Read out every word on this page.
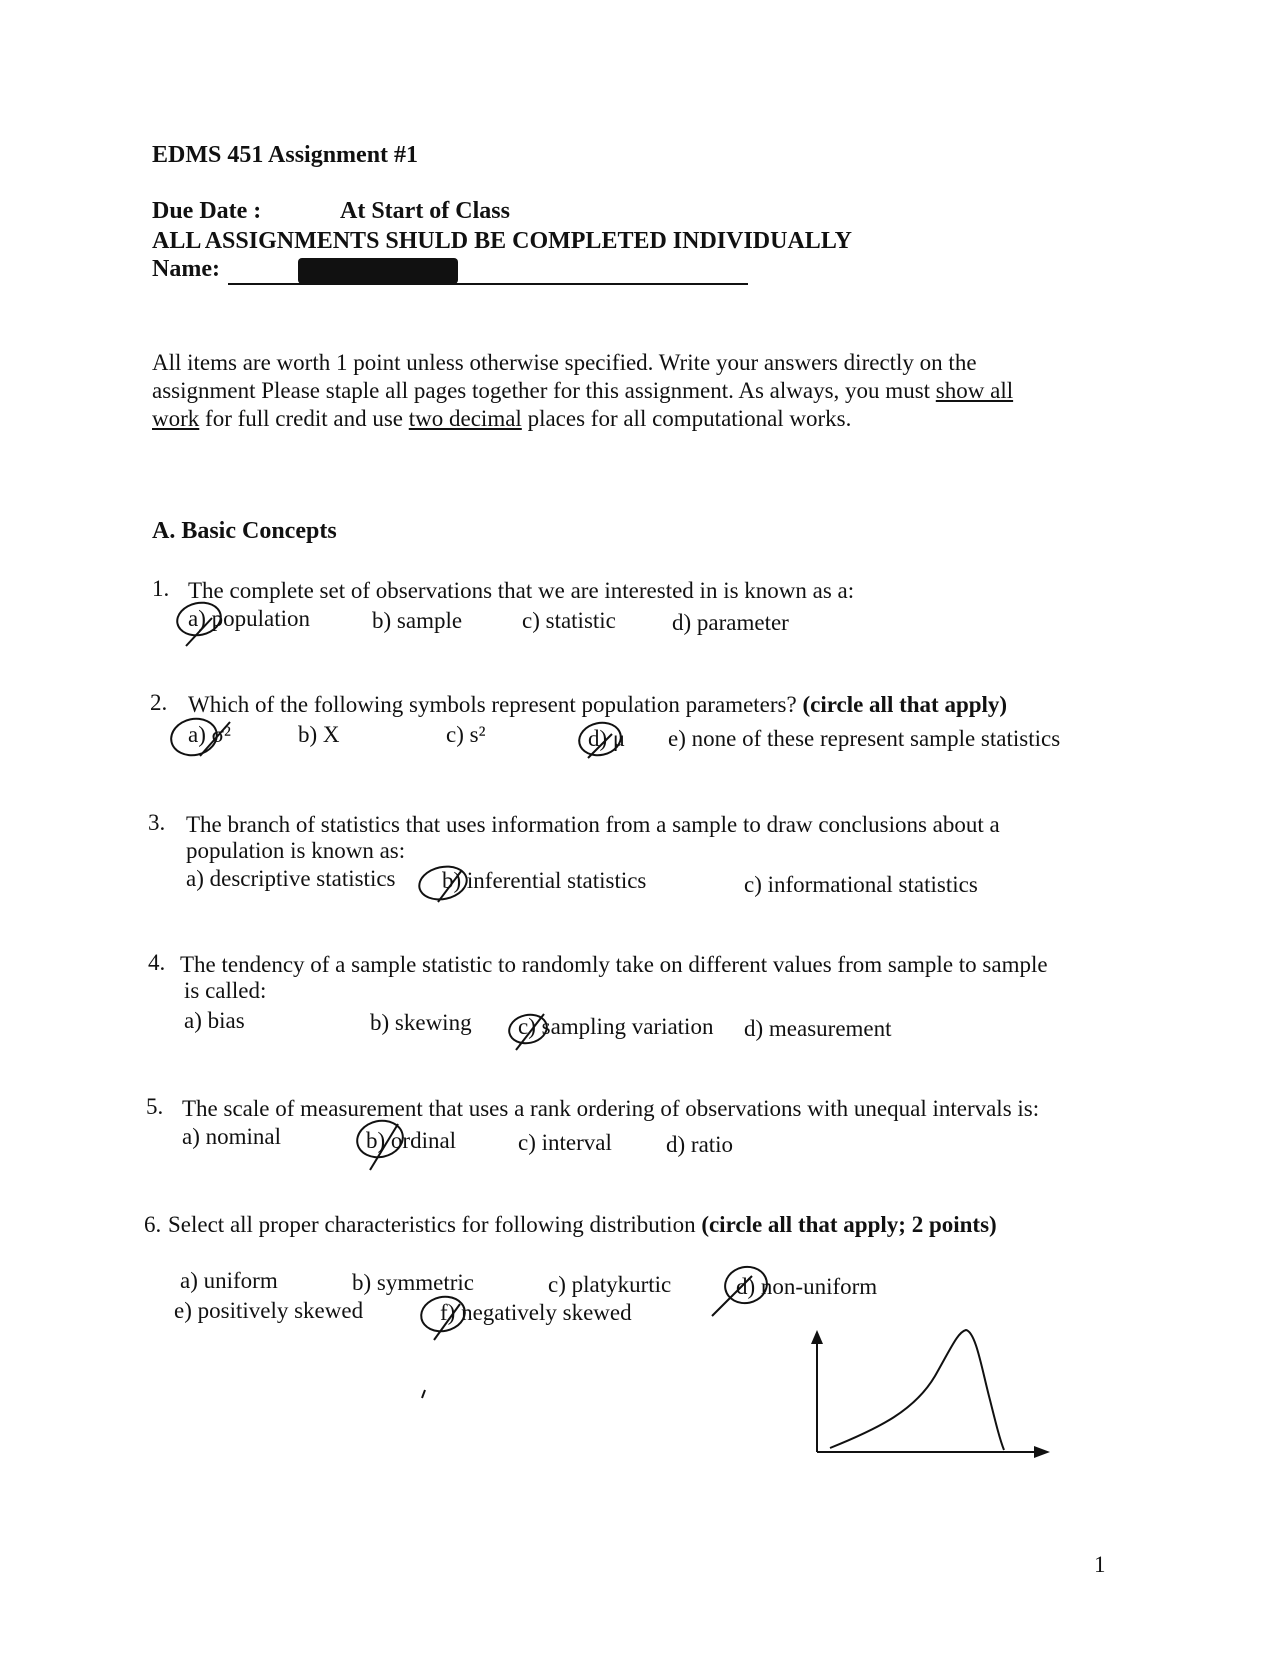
EDMS 451 Assignment #1
Due Date :	At Start of Class
ALL ASSIGNMENTS SHULD BE COMPLETED INDIVIDUALLY
Name:
All items are worth 1 point unless otherwise specified. Write your answers directly on the
assignment Please staple all pages together for this assignment. As always, you must show all
work for full credit and use two decimal places for all computational works.
A. Basic Concepts
1. The complete set of observations that we are interested in is known as a:
a) population	b) sample	c) statistic d) parameter
2. Which of the following symbols represent population parameters? (circle all that apply)
a) σ²	b) X	c) s²	d) μ e) none of these represent sample statistics
3. The branch of statistics that uses information from a sample to draw conclusions about a
population is known as:
a) descriptive statistics b) inferential statistics	c) informational statistics
4. The tendency of a sample statistic to randomly take on different values from sample to sample
is called:
a) bias	b) skewing c) sampling variation d) measurement
5. The scale of measurement that uses a rank ordering of observations with unequal intervals is:
a) nominal	b) ordinal	c) interval d) ratio
6. Select all proper characteristics for following distribution (circle all that apply; 2 points)
a) uniform	b) symmetric	c) platykurtic	d) non-uniform
e) positively skewed	f) negatively skewed
1
